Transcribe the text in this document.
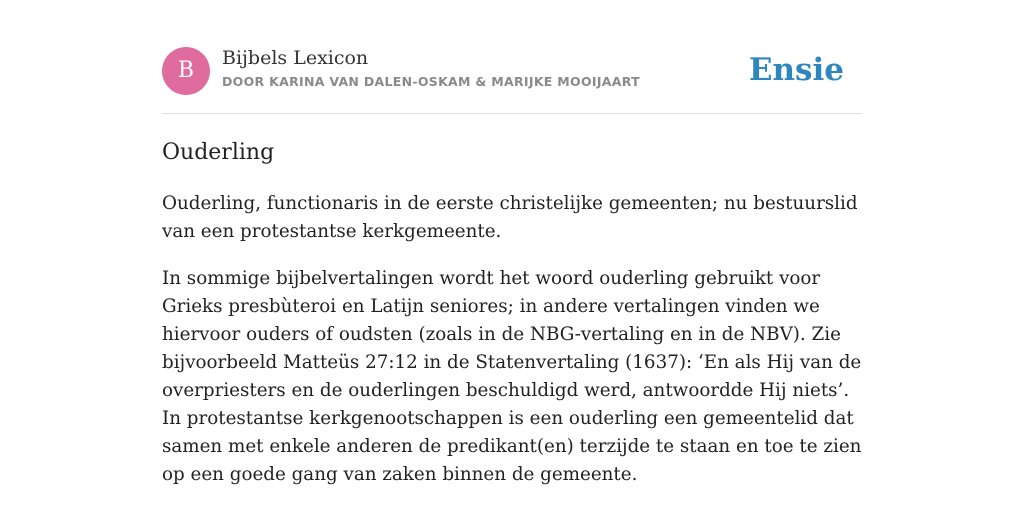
B	Bijbels Lexicon
DOOR KARINA VAN DALEN-OSKAM & MARIJKE MOOIJAART	Ensie
Ouderling

Ouderling, functionaris in de eerste christelijke gemeenten; nu bestuurslid van een protestantse kerkgemeente.

In sommige bijbelvertalingen wordt het woord ouderling gebruikt voor Grieks presbùteroi en Latijn seniores; in andere vertalingen vinden we hiervoor ouders of oudsten (zoals in de NBG-vertaling en in de NBV). Zie bijvoorbeeld Matteüs 27:12 in de Statenvertaling (1637): ‘En als Hij van de overpriesters en de ouderlingen beschuldigd werd, antwoordde Hij niets’. In protestantse kerkgenootschappen is een ouderling een gemeentelid dat samen met enkele anderen de predikant(en) terzijde te staan en toe te zien op een goede gang van zaken binnen de gemeente.
